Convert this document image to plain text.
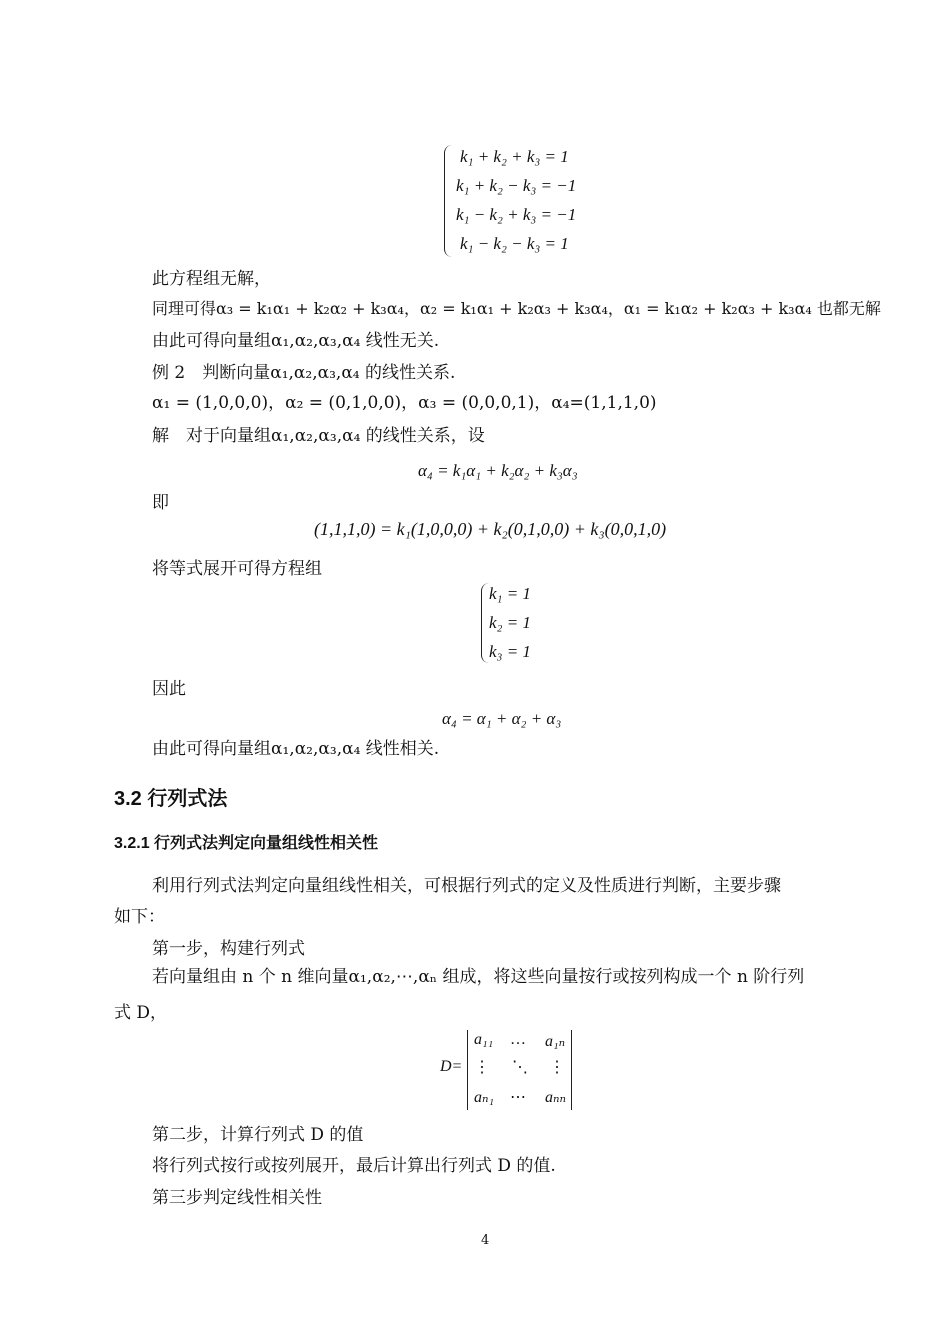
k₁ + k₂ + k₃ = 1
k₁ + k₂ − k₃ = −1
k₁ − k₂ + k₃ = −1
k₁ − k₂ − k₃ = 1
此方程组无解，
同理可得α₃ = k₁α₁ + k₂α₂ + k₃α₄，α₂ = k₁α₁ + k₂α₃ + k₃α₄，α₁ = k₁α₂ + k₂α₃ + k₃α₄ 也都无解
由此可得向量组α₁,α₂,α₃,α₄ 线性无关.
例 2　判断向量α₁,α₂,α₃,α₄ 的线性关系.
α₁ = (1,0,0,0)，α₂ = (0,1,0,0)，α₃ = (0,0,0,1)，α₄=(1,1,1,0)
解　对于向量组α₁,α₂,α₃,α₄ 的线性关系，设
α₄ = k₁α₁ + k₂α₂ + k₃α₃
即
(1,1,1,0) = k₁(1,0,0,0) + k₂(0,1,0,0) + k₃(0,0,1,0)
将等式展开可得方程组
k₁ = 1
k₂ = 1
k₃ = 1
因此
α₄ = α₁ + α₂ + α₃
由此可得向量组α₁,α₂,α₃,α₄ 线性相关.
3.2 行列式法
3.2.1 行列式法判定向量组线性相关性
利用行列式法判定向量组线性相关，可根据行列式的定义及性质进行判断，主要步骤
如下：
第一步，构建行列式
若向量组由 n 个 n 维向量α₁,α₂,⋯,αₙ 组成，将这些向量按行或按列构成一个 n 阶行列
式 D，
D=
a₁₁ … a₁ₙ
⋮ ⋱ ⋮
aₙ₁ ⋯ aₙₙ
第二步，计算行列式 D 的值
将行列式按行或按列展开，最后计算出行列式 D 的值.
第三步判定线性相关性
4
